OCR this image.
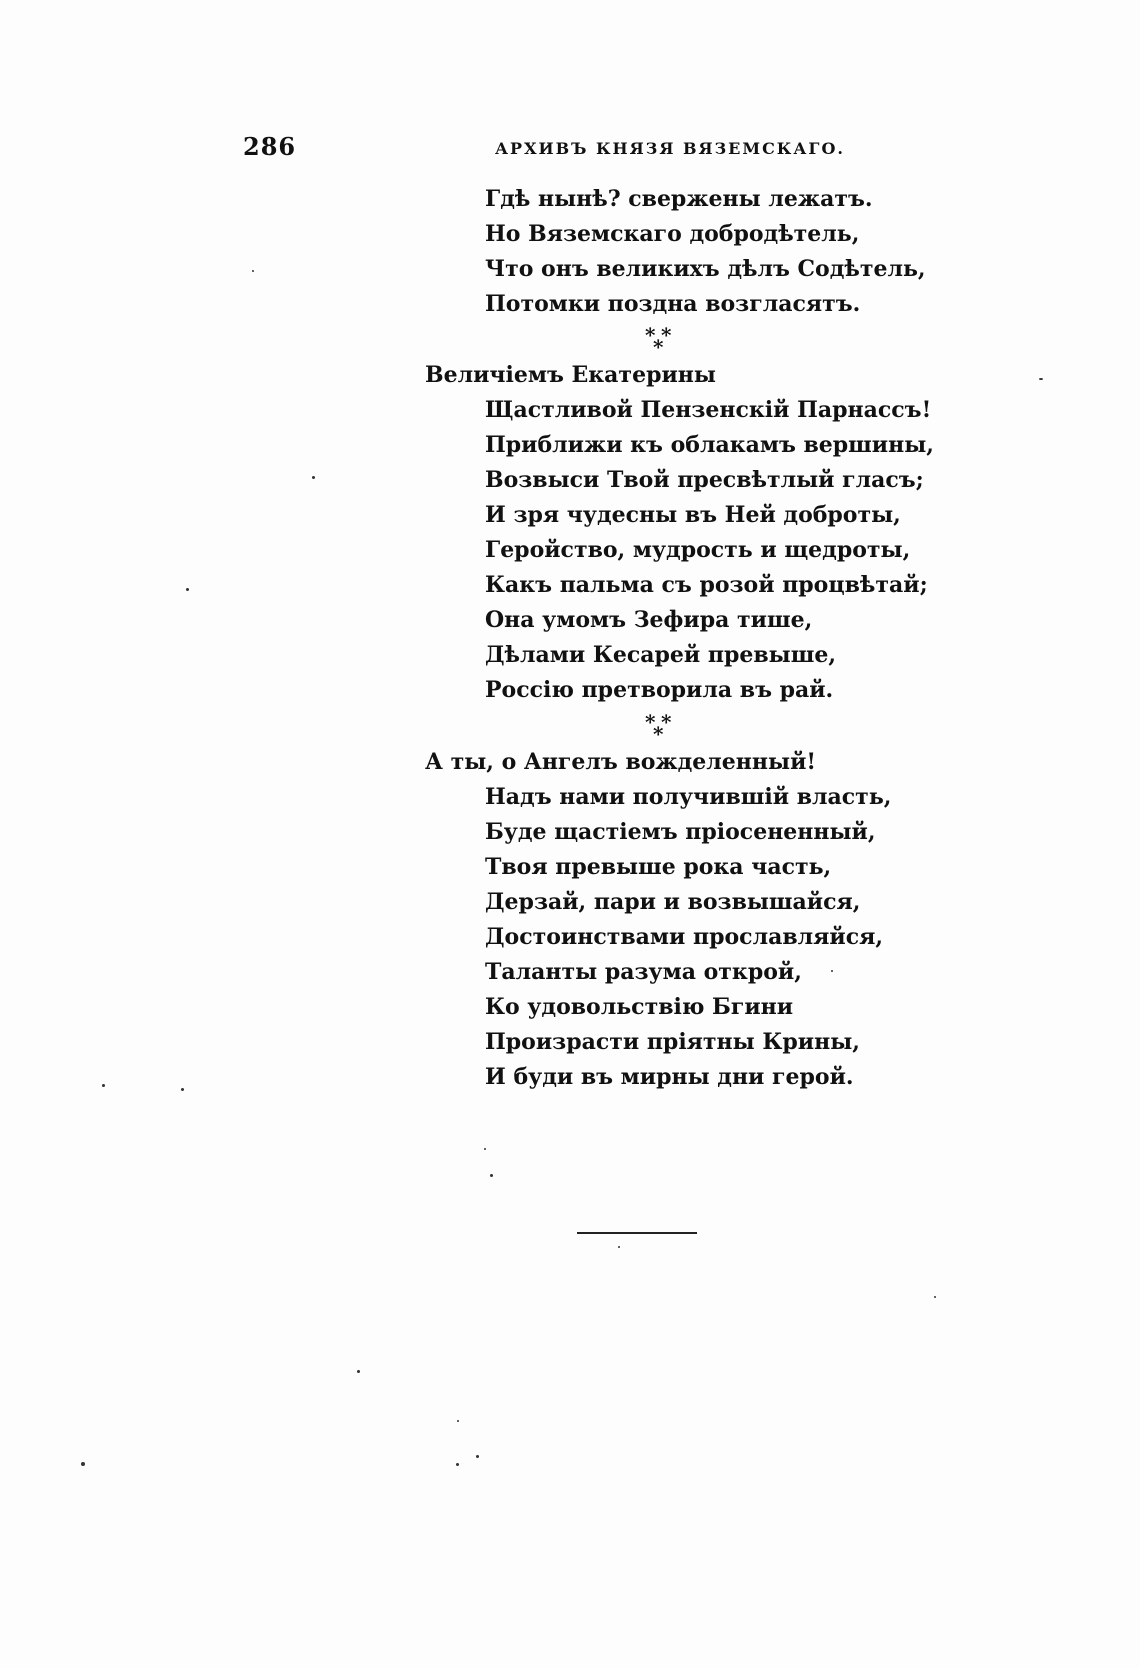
286	АРХИВЪ КНЯЗЯ ВЯЗЕМСКАГО.
Гдѣ нынѣ? свержены лежатъ.
Но Вяземскаго добродѣтель,
Что онъ великихъ дѣлъ Содѣтель,
Потомки поздна возгласятъ.
* *
*
Величіемъ Екатерины
Щастливой Пензенскій Парнассъ!
Приближи къ облакамъ вершины,
Возвыси Твой пресвѣтлый гласъ;
И зря чудесны въ Ней доброты,
Геройство, мудрость и щедроты,
Какъ пальма съ розой процвѣтай;
Она умомъ Зефира тише,
Дѣлами Кесарей превыше,
Россію претворила въ рай.
* *
*
А ты, о Ангелъ вожделенный!
Надъ нами получившій власть,
Буде щастіемъ пріосененный,
Твоя превыше рока часть,
Дерзай, пари и возвышайся,
Достоинствами прославляйся,
Таланты разума открой,
Ко удовольствію Бгини
Произрасти пріятны Крины,
И буди въ мирны дни герой.
